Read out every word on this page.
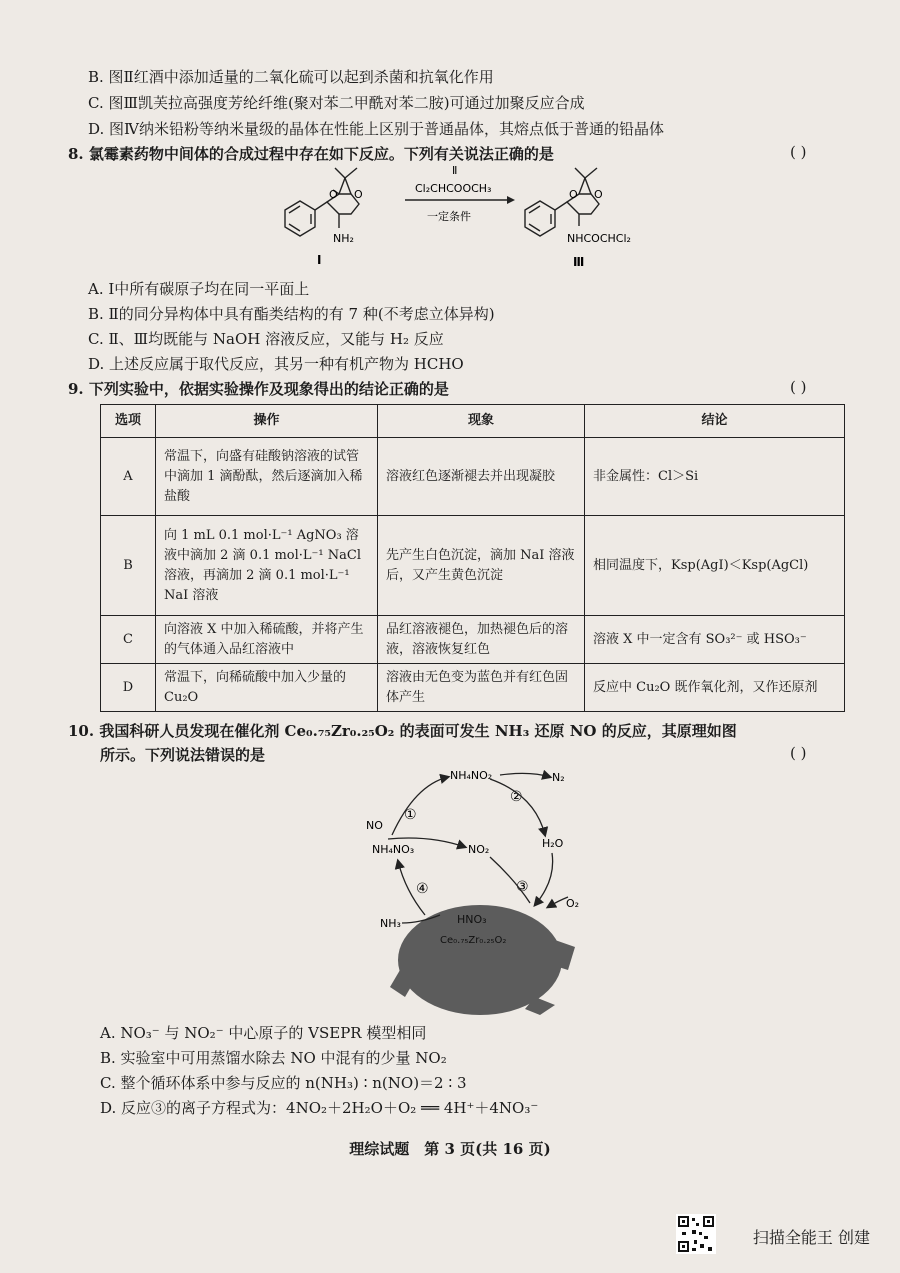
B. 图Ⅱ红酒中添加适量的二氧化硫可以起到杀菌和抗氧化作用
C. 图Ⅲ凯芙拉高强度芳纶纤维(聚对苯二甲酰对苯二胺)可通过加聚反应合成
D. 图Ⅳ纳米铅粉等纳米量级的晶体在性能上区别于普通晶体，其熔点低于普通的铅晶体
8. 氯霉素药物中间体的合成过程中存在如下反应。下列有关说法正确的是	( )
O O
NH₂
Ⅰ
Ⅱ
Cl₂CHCOOCH₃
一定条件
O O
NHCOCHCl₂
Ⅲ
A. Ⅰ中所有碳原子均在同一平面上
B. Ⅱ的同分异构体中具有酯类结构的有 7 种(不考虑立体异构)
C. Ⅱ、Ⅲ均既能与 NaOH 溶液反应，又能与 H₂ 反应
D. 上述反应属于取代反应，其另一种有机产物为 HCHO
9. 下列实验中，依据实验操作及现象得出的结论正确的是	( )
选项	操作	现象	结论
A	常温下，向盛有硅酸钠溶液的试管中滴加 1 滴酚酞，然后逐滴加入稀盐酸	溶液红色逐渐褪去并出现凝胶	非金属性：Cl＞Si
B	向 1 mL 0.1 mol·L⁻¹ AgNO₃ 溶液中滴加 2 滴 0.1 mol·L⁻¹ NaCl 溶液，再滴加 2 滴 0.1 mol·L⁻¹ NaI 溶液	先产生白色沉淀，滴加 NaI 溶液后，又产生黄色沉淀	相同温度下，Ksp(AgI)＜Ksp(AgCl)
C	向溶液 X 中加入稀硫酸，并将产生的气体通入品红溶液中	品红溶液褪色，加热褪色后的溶液，溶液恢复红色	溶液 X 中一定含有 SO₃²⁻ 或 HSO₃⁻
D	常温下，向稀硫酸中加入少量的 Cu₂O	溶液由无色变为蓝色并有红色固体产生	反应中 Cu₂O 既作氧化剂，又作还原剂
10. 我国科研人员发现在催化剂 Ce₀.₇₅Zr₀.₂₅O₂ 的表面可发生 NH₃ 还原 NO 的反应，其原理如图
所示。下列说法错误的是	( )
HNO₃
Ce₀.₇₅Zr₀.₂₅O₂
NH₄NO₂	N₂
NO
NH₄NO₃	NO₂	H₂O
NH₃
O₂
①
②
③
④
A. NO₃⁻ 与 NO₂⁻ 中心原子的 VSEPR 模型相同
B. 实验室中可用蒸馏水除去 NO 中混有的少量 NO₂
C. 整个循环体系中参与反应的 n(NH₃) ∶ n(NO)＝2 ∶ 3
D. 反应③的离子方程式为：4NO₂＋2H₂O＋O₂ ══ 4H⁺＋4NO₃⁻
理综试题　第 3 页(共 16 页)
扫描全能王 创建
